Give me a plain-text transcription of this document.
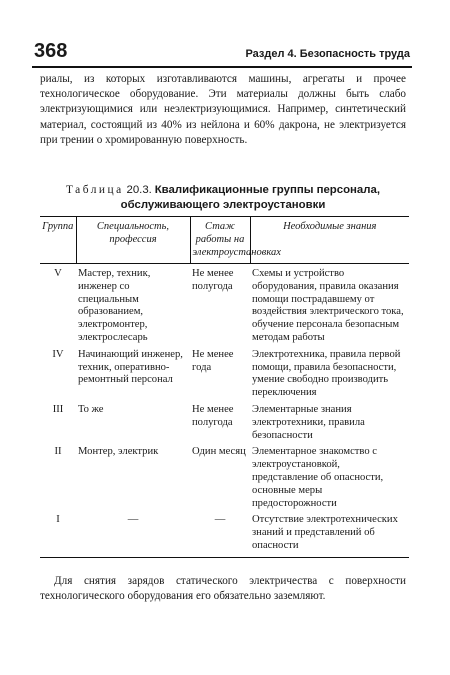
368	Раздел 4. Безопасность труда
риалы, из которых изготавливаются машины, агрегаты и прочее технологическое оборудование. Эти материалы должны быть слабо электризующимися или неэлектризующимися. Например, синтетический материал, состоящий из 40% из нейлона и 60% дакрона, не электризуется при трении о хромированную поверхность.
Таблица 20.3. Квалификационные группы персонала, обслуживающего электроустановки
Группа	Специальность, профессия	Стаж работы на электроустановках	Необходимые знания
V	Мастер, техник, инженер со специальным образованием, электромонтер, электрослесарь	Не менее полугода	Схемы и устройство оборудования, правила оказания помощи пострадавшему от воздействия электрического тока, обучение персонала безопасным методам работы
IV	Начинающий инженер, техник, оперативно-ремонтный персонал	Не менее года	Электротехника, правила первой помощи, правила безопасности, умение свободно производить переключения
III	То же	Не менее полугода	Элементарные знания электротехники, правила безопасности
II	Монтер, электрик	Один месяц	Элементарное знакомство с электроустановкой, представление об опасности, основные меры предосторожности
I	—	—	Отсутствие электротехнических знаний и представлений об опасности
Для снятия зарядов статического электричества с поверхности технологического оборудования его обязательно заземляют.
